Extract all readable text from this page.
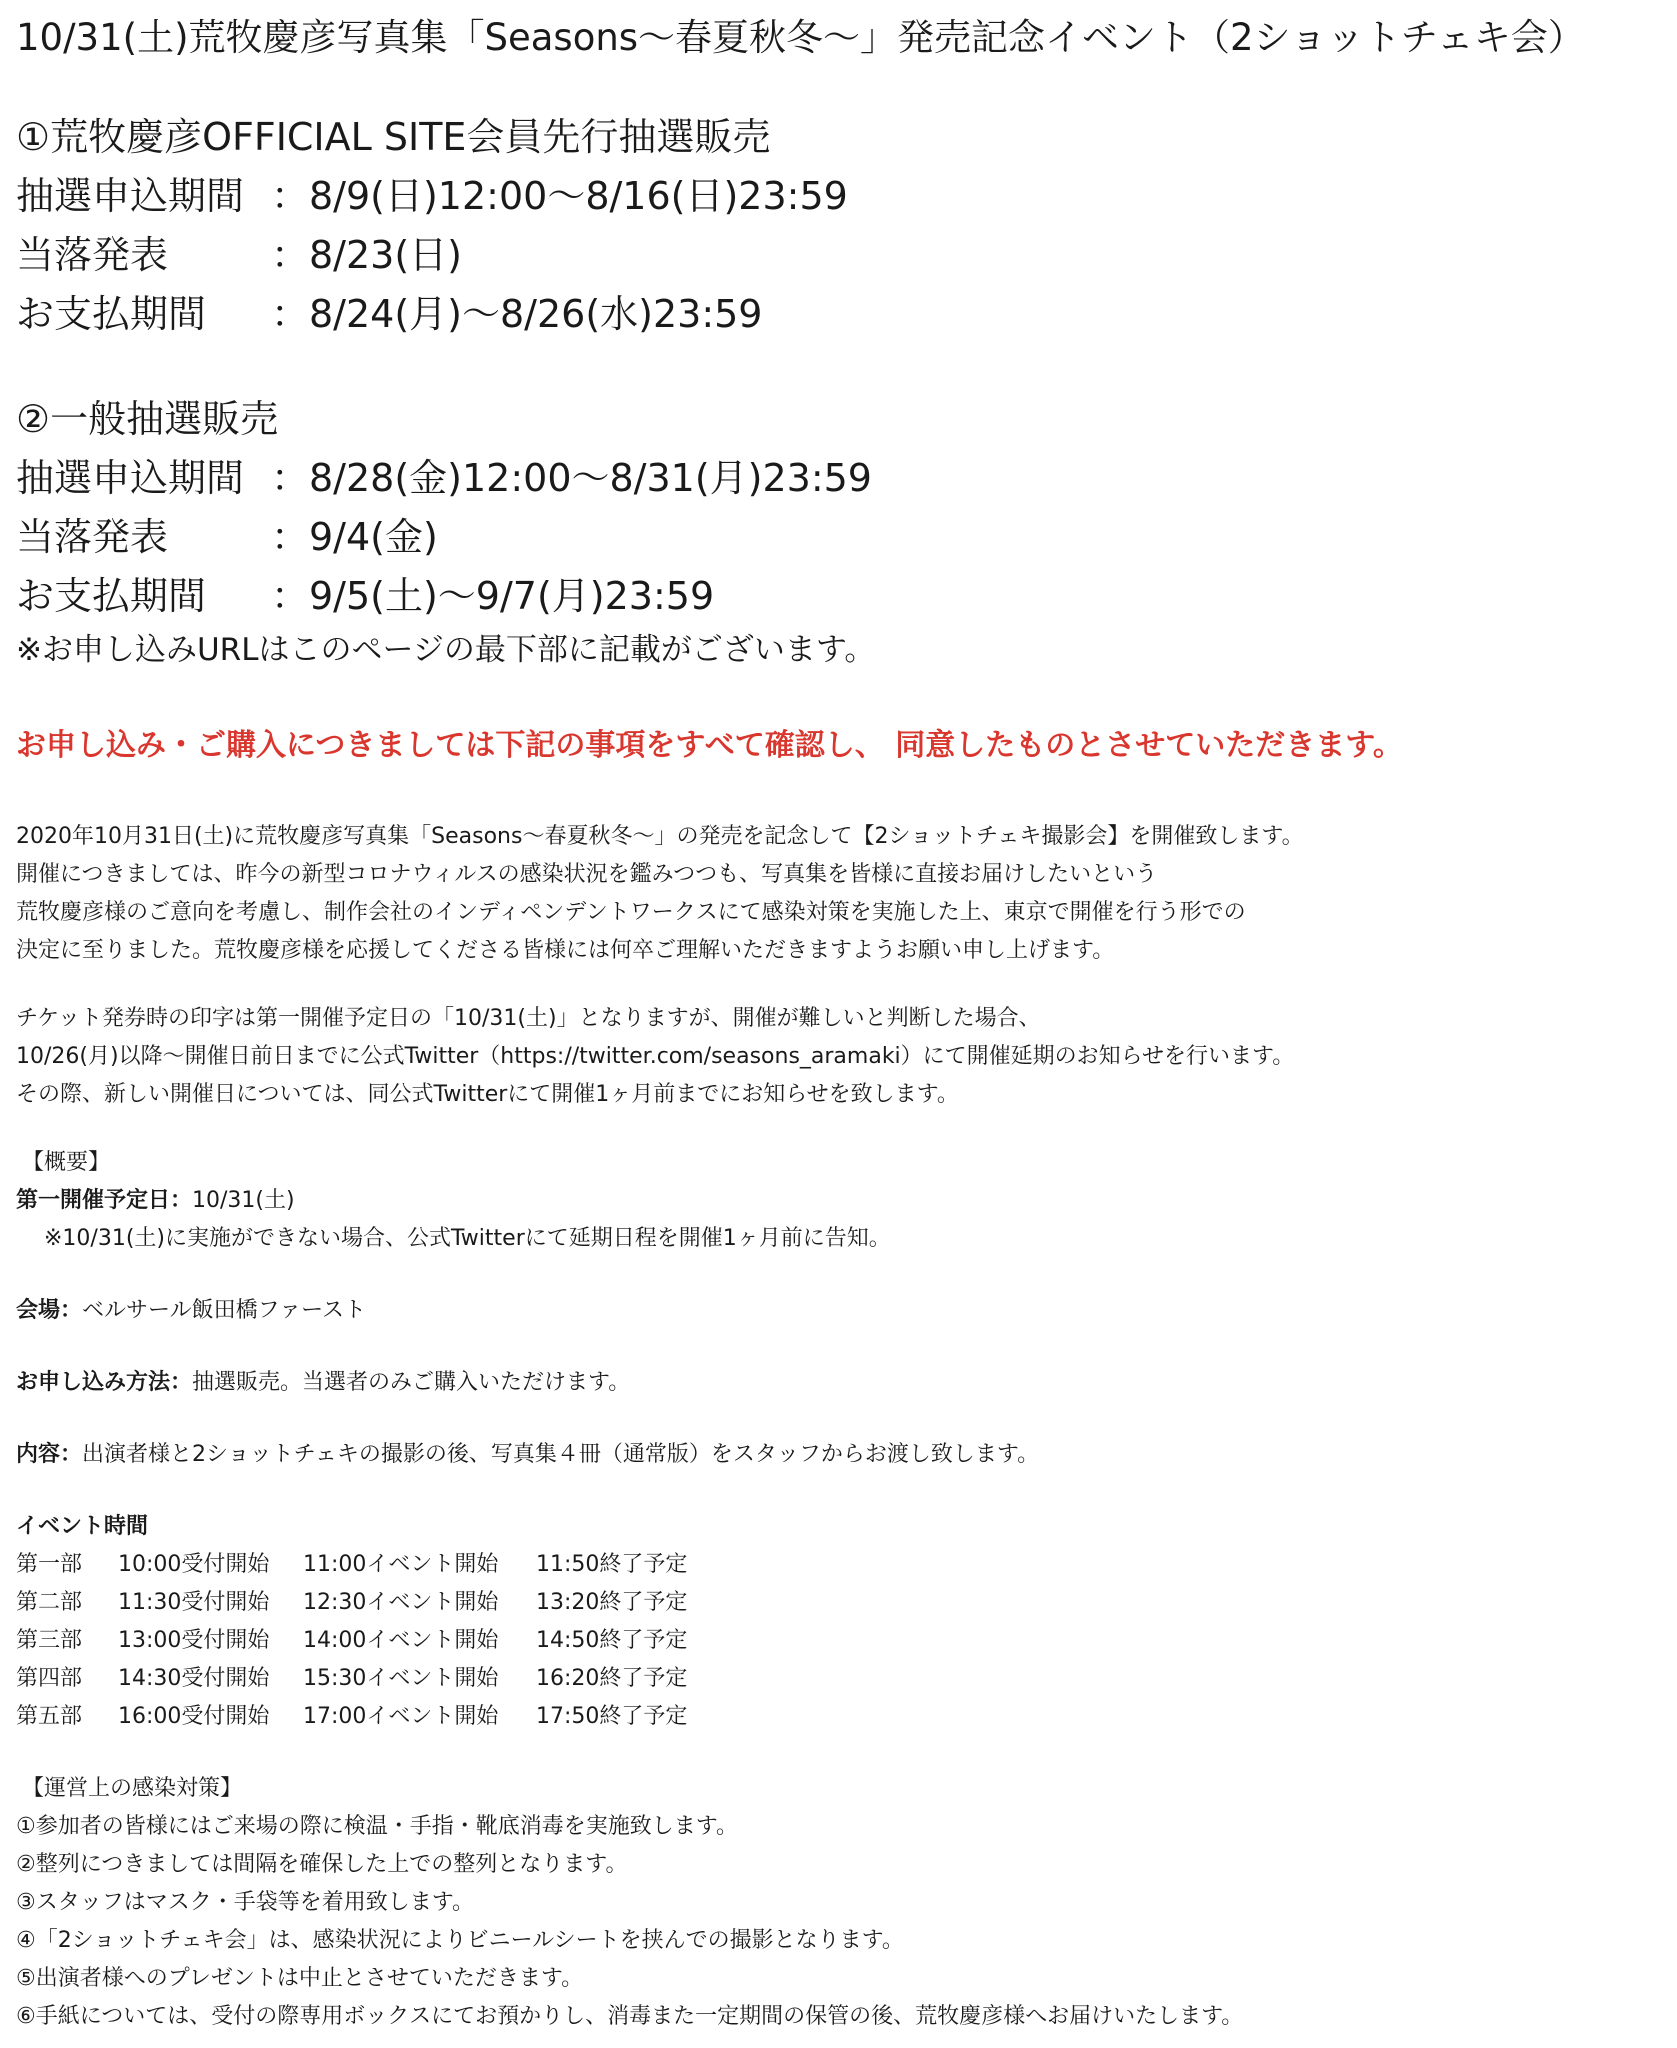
10/31(土)荒牧慶彦写真集「Seasons〜春夏秋冬〜」発売記念イベント（2ショットチェキ会）

①荒牧慶彦OFFICIAL SITE会員先行抽選販売

抽選申込期間 ：8/9(日)12:00〜8/16(日)23:59
当落発表	：8/23(日)
お支払期間	：8/24(月)〜8/26(水)23:59

②一般抽選販売

抽選申込期間 ：8/28(金)12:00〜8/31(月)23:59
当落発表	：9/4(金)
お支払期間	：9/5(土)〜9/7(月)23:59

※お申し込みURLはこのページの最下部に記載がございます。

お申し込み・ご購入につきましては下記の事項をすべて確認し、 同意したものとさせていただきます。

2020年10月31日(土)に荒牧慶彦写真集「Seasons〜春夏秋冬〜」の発売を記念して【2ショットチェキ撮影会】を開催致します。

開催につきましては、昨今の新型コロナウィルスの感染状況を鑑みつつも、写真集を皆様に直接お届けしたいという

荒牧慶彦様のご意向を考慮し、制作会社のインディペンデントワークスにて感染対策を実施した上、東京で開催を行う形での

決定に至りました。荒牧慶彦様を応援してくださる皆様には何卒ご理解いただきますようお願い申し上げます。

チケット発券時の印字は第一開催予定日の「10/31(土)」となりますが、開催が難しいと判断した場合、

10/26(月)以降〜開催日前日までに公式Twitter（https://twitter.com/seasons_aramaki）にて開催延期のお知らせを行います。

その際、新しい開催日については、同公式Twitterにて開催1ヶ月前までにお知らせを致します。

【概要】

第一開催予定日：10/31(土)

※10/31(土)に実施ができない場合、公式Twitterにて延期日程を開催1ヶ月前に告知。

会場：ベルサール飯田橋ファースト

お申し込み方法：抽選販売。当選者のみご購入いただけます。

内容：出演者様と2ショットチェキの撮影の後、写真集４冊（通常版）をスタッフからお渡し致します。

イベント時間

第一部	10:00受付開始	11:00イベント開始	11:50終了予定
第二部	11:30受付開始	12:30イベント開始	13:20終了予定
第三部	13:00受付開始	14:00イベント開始	14:50終了予定
第四部	14:30受付開始	15:30イベント開始	16:20終了予定
第五部	16:00受付開始	17:00イベント開始	17:50終了予定

【運営上の感染対策】

①参加者の皆様にはご来場の際に検温・手指・靴底消毒を実施致します。

②整列につきましては間隔を確保した上での整列となります。

③スタッフはマスク・手袋等を着用致します。

④「2ショットチェキ会」は、感染状況によりビニールシートを挟んでの撮影となります。

⑤出演者様へのプレゼントは中止とさせていただきます。

⑥手紙については、受付の際専用ボックスにてお預かりし、消毒また一定期間の保管の後、荒牧慶彦様へお届けいたします。
